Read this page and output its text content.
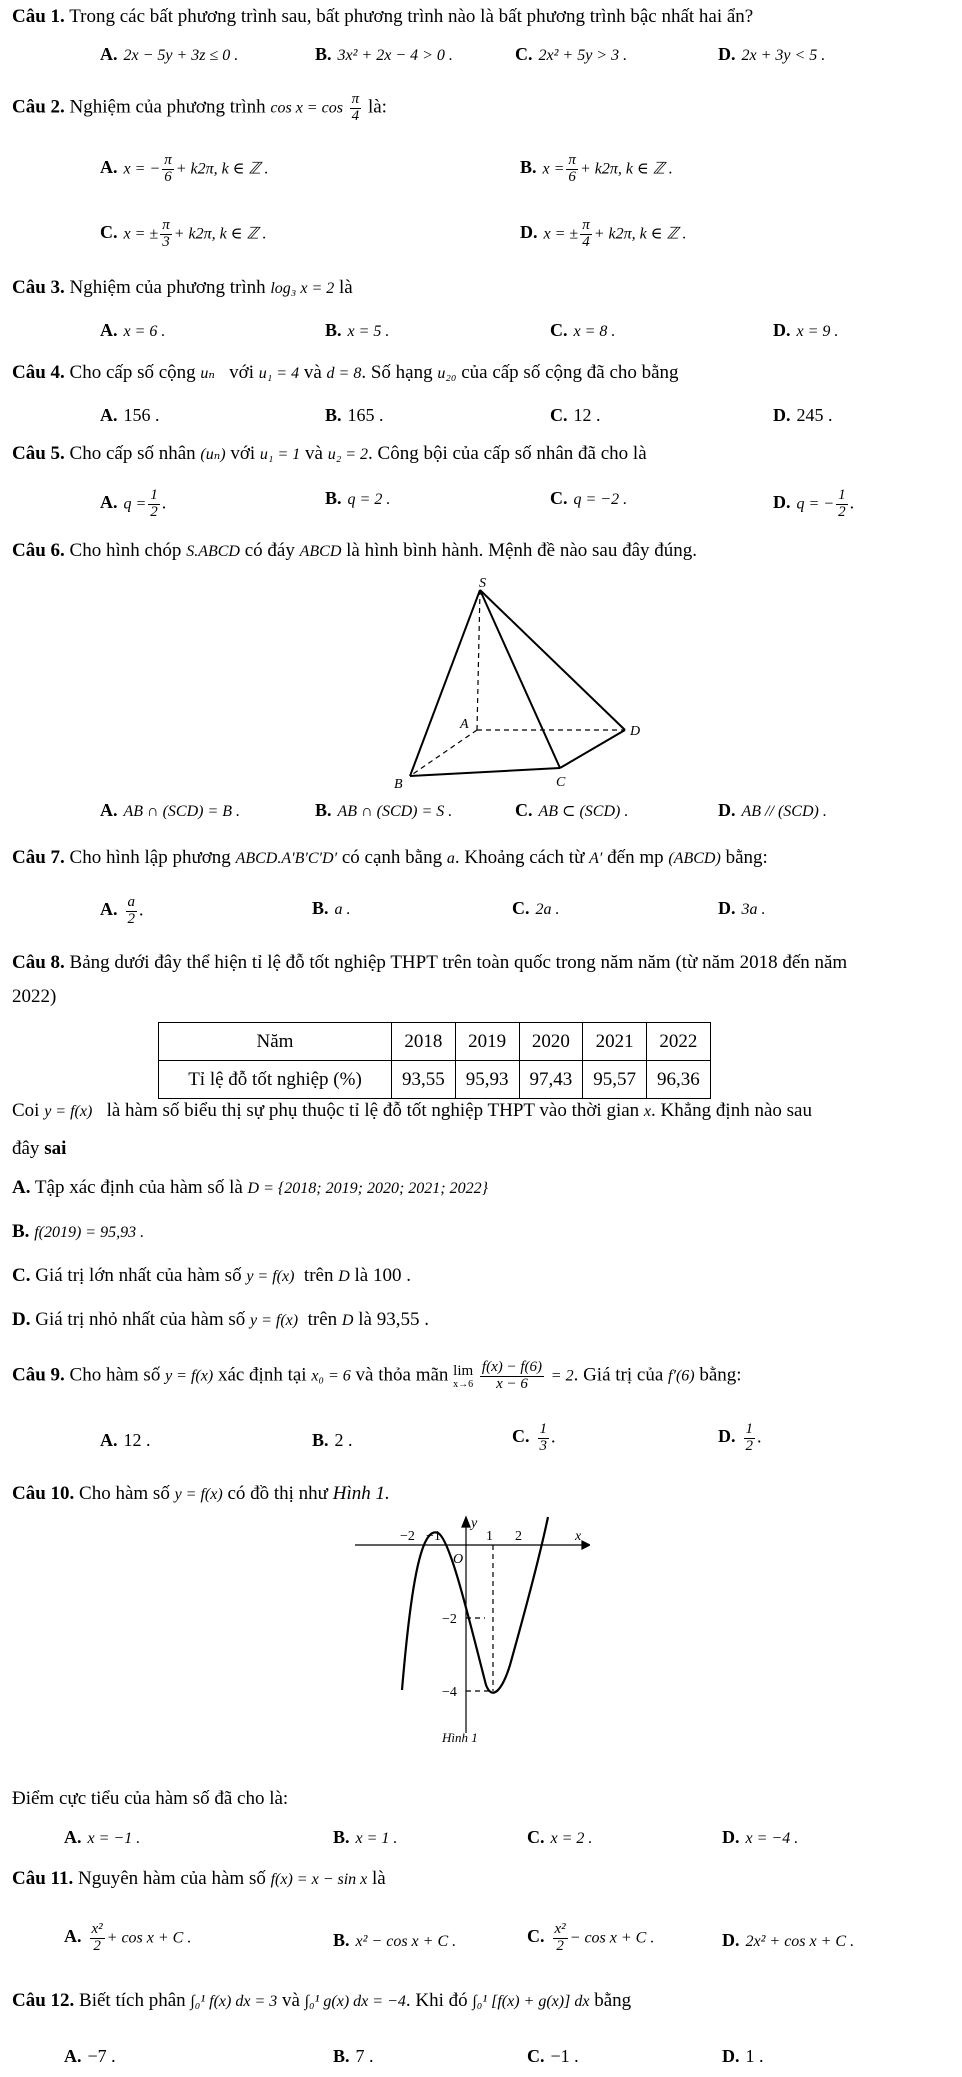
Câu 1. Trong các bất phương trình sau, bất phương trình nào là bất phương trình bậc nhất hai ẩn?
A. 2x − 5y + 3z ≤ 0 .	B. 3x² + 2x − 4 > 0 .	C. 2x² + 5y > 3 .	D. 2x + 3y < 5 .
Câu 2. Nghiệm của phương trình $\cos x = \cos \frac{\pi}{4}$ là:
A. x = − $\frac{\pi}{6} + k2\pi$, k ∈ ℤ .	B. $x = \frac{\pi}{6} + k2\pi$, k ∈ ℤ .
C. x = ± $\frac{\pi}{3} + k2\pi$, k ∈ ℤ .	D. x = ± $\frac{\pi}{4} + k2\pi$, k ∈ ℤ .
Câu 3. Nghiệm của phương trình log₃ x = 2 là
A. x = 6 .	B. x = 5 .	C. x = 8 .	D. x = 9 .
Câu 4. Cho cấp số cộng uₙ với u₁ = 4 và d = 8. Số hạng u₂₀ của cấp số cộng đã cho bằng
A. 156 .	B. 165 .	C. 12 .	D. 245 .
Câu 5. Cho cấp số nhân (uₙ) với u₁ = 1 và u₂ = 2. Công bội của cấp số nhân đã cho là
A. $q = \frac{1}{2}$ .	B. q = 2 .	C. q = −2 .	D. q = − $\frac{1}{2}$ .
Câu 6. Cho hình chóp S.ABCD có đáy ABCD là hình bình hành. Mệnh đề nào sau đây đúng.
S
A
B	C
D
A. AB ∩ (SCD) = B .	B. AB ∩ (SCD) = S .	C. AB ⊂ (SCD) .	D. AB // (SCD) .
Câu 7. Cho hình lập phương ABCD.A′B′C′D′ có cạnh bằng a. Khoảng cách từ A′ đến mp (ABCD) bằng:
A. $\frac{a}{2}$ .	B. a .	C. 2a .	D. 3a .
Câu 8. Bảng dưới đây thể hiện tỉ lệ đỗ tốt nghiệp THPT trên toàn quốc trong năm năm (từ năm 2018 đến năm
2022)
Năm	2018	2019	2020	2021	2022
Tỉ lệ đỗ tốt nghiệp (%)	93,55	95,93	97,43	95,57	96,36
Coi y = f(x) là hàm số biểu thị sự phụ thuộc tỉ lệ đỗ tốt nghiệp THPT vào thời gian x. Khẳng định nào sau
đây sai
A. Tập xác định của hàm số là D = {2018; 2019; 2020; 2021; 2022}
B. f(2019) = 95,93 .
C. Giá trị lớn nhất của hàm số y = f(x) trên D là 100 .
D. Giá trị nhỏ nhất của hàm số y = f(x) trên D là 93,55 .
Câu 9. Cho hàm số y = f(x) xác định tại x₀ = 6 và thỏa mãn lim
x→6
$\frac{f(x) - f(6)}{x - 6} = 2$. Giá trị của f′(6) bằng:
A. 12 .	B. 2 .	C. $\frac{1}{3}$ .	D. $\frac{1}{2}$ .
Câu 10. Cho hàm số y = f(x) có đồ thị như Hình 1.
y
x
O
−2 −1	1 2
−2
−4
Hình 1
Điểm cực tiểu của hàm số đã cho là:
A. x = −1 .	B. x = 1 .	C. x = 2 .	D. x = −4 .
Câu 11. Nguyên hàm của hàm số f(x) = x − sin x là
A. $\frac{\text{x²}}{2} + \cos x + C$ .	B. x² − cos x + C .	C. $\frac{\text{x²}}{2} - \cos x + C$ .	D. 2x² + cos x + C .
Câu 12. Biết tích phân ∫₀¹ f(x) dx = 3 và ∫₀¹ g(x) dx = −4. Khi đó ∫₀¹ [f(x) + g(x)] dx bằng
A. −7 .	B. 7 .	C. −1 .	D. 1 .
